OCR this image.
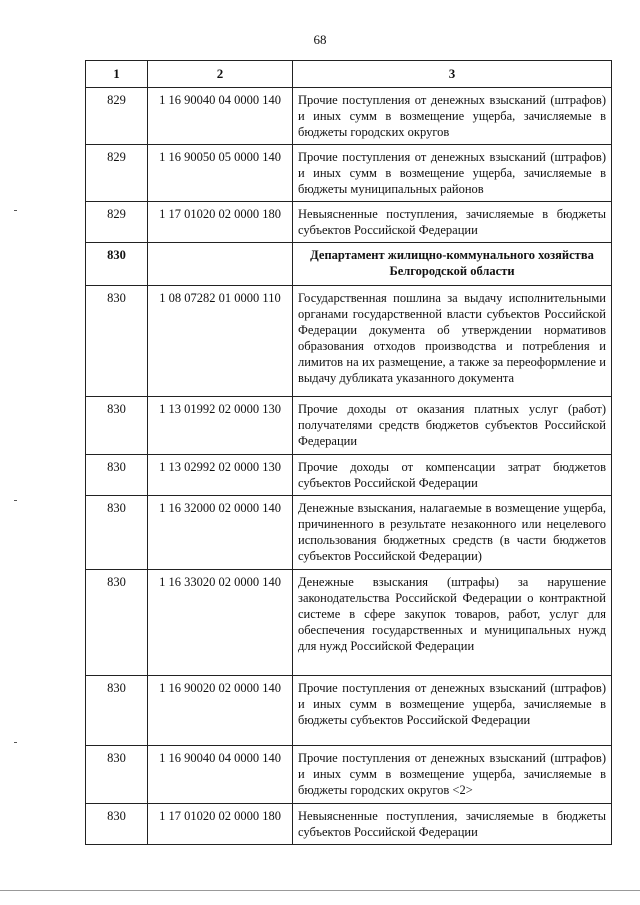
68
1	2	3
829	1 16 90040 04 0000 140	Прочие поступления от денежных взысканий (штрафов) и иных сумм в возмещение ущерба, зачисляемые в бюджеты городских округов
829	1 16 90050 05 0000 140	Прочие поступления от денежных взысканий (штрафов) и иных сумм в возмещение ущерба, зачисляемые в бюджеты муниципальных районов
829	1 17 01020 02 0000 180	Невыясненные поступления, зачисляемые в бюджеты субъектов Российской Федерации
830		Департамент жилищно-коммунального хозяйства Белгородской области
830	1 08 07282 01 0000 110	Государственная пошлина за выдачу исполнительными органами государственной власти субъектов Российской Федерации документа об утверждении нормативов образования отходов производства и потребления и лимитов на их размещение, а также за переоформление и выдачу дубликата указанного документа
830	1 13 01992 02 0000 130	Прочие доходы от оказания платных услуг (работ) получателями средств бюджетов субъектов Российской Федерации
830	1 13 02992 02 0000 130	Прочие доходы от компенсации затрат бюджетов субъектов Российской Федерации
830	1 16 32000 02 0000 140	Денежные взыскания, налагаемые в возмещение ущерба, причиненного в результате незаконного или нецелевого использования бюджетных средств (в части бюджетов субъектов Российской Федерации)
830	1 16 33020 02 0000 140	Денежные взыскания (штрафы) за нарушение законодательства Российской Федерации о контрактной системе в сфере закупок товаров, работ, услуг для обеспечения государственных и муниципальных нужд для нужд Российской Федерации
830	1 16 90020 02 0000 140	Прочие поступления от денежных взысканий (штрафов) и иных сумм в возмещение ущерба, зачисляемые в бюджеты субъектов Российской Федерации
830	1 16 90040 04 0000 140	Прочие поступления от денежных взысканий (штрафов) и иных сумм в возмещение ущерба, зачисляемые в бюджеты городских округов <2>
830	1 17 01020 02 0000 180	Невыясненные поступления, зачисляемые в бюджеты субъектов Российской Федерации
